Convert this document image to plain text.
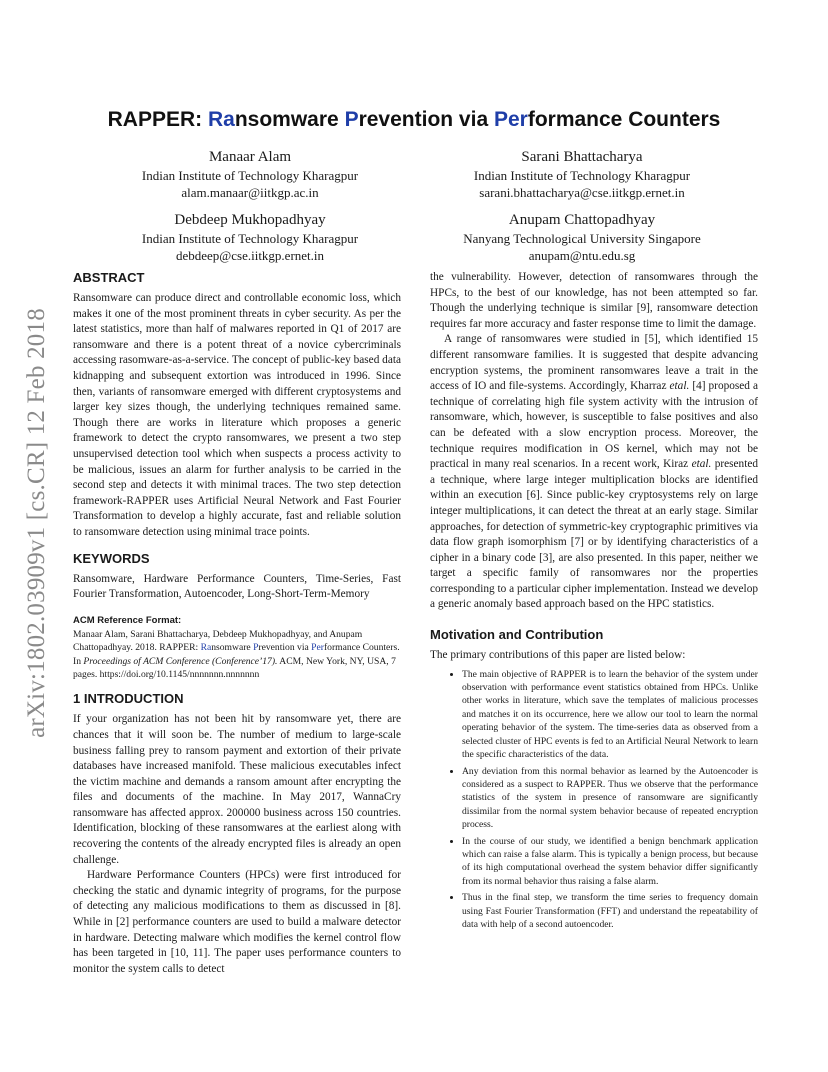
arXiv:1802.03909v1 [cs.CR] 12 Feb 2018
RAPPER: Ransomware Prevention via Performance Counters
Manaar Alam
Indian Institute of Technology Kharagpur
alam.manaar@iitkgp.ac.in
Sarani Bhattacharya
Indian Institute of Technology Kharagpur
sarani.bhattacharya@cse.iitkgp.ernet.in
Debdeep Mukhopadhyay
Indian Institute of Technology Kharagpur
debdeep@cse.iitkgp.ernet.in
Anupam Chattopadhyay
Nanyang Technological University Singapore
anupam@ntu.edu.sg
ABSTRACT

Ransomware can produce direct and controllable economic loss, which makes it one of the most prominent threats in cyber security. As per the latest statistics, more than half of malwares reported in Q1 of 2017 are ransomware and there is a potent threat of a novice cybercriminals accessing rasomware-as-a-service. The concept of public-key based data kidnapping and subsequent extortion was introduced in 1996. Since then, variants of ransomware emerged with different cryptosystems and larger key sizes though, the underlying techniques remained same. Though there are works in literature which proposes a generic framework to detect the crypto ransomwares, we present a two step unsupervised detection tool which when suspects a process activity to be malicious, issues an alarm for further analysis to be carried in the second step and detects it with minimal traces. The two step detection framework-RAPPER uses Artificial Neural Network and Fast Fourier Transformation to develop a highly accurate, fast and reliable solution to ransomware detection using minimal trace points.

KEYWORDS

Ransomware, Hardware Performance Counters, Time-Series, Fast Fourier Transformation, Autoencoder, Long-Short-Term-Memory

ACM Reference Format:

Manaar Alam, Sarani Bhattacharya, Debdeep Mukhopadhyay, and Anupam Chattopadhyay. 2018. RAPPER: Ransomware Prevention via Performance Counters. In Proceedings of ACM Conference (Conference’17). ACM, New York, NY, USA, 7 pages. https://doi.org/10.1145/nnnnnnn.nnnnnnn

1 INTRODUCTION

If your organization has not been hit by ransomware yet, there are chances that it will soon be. The number of medium to large-scale business falling prey to ransom payment and extortion of their private databases have increased manifold. These malicious executables infect the victim machine and demands a ransom amount after encrypting the files and documents of the machine. In May 2017, WannaCry ransomware has affected approx. 200000 business across 150 countries. Identification, blocking of these ransomwares at the earliest along with recovering the contents of the already encrypted files is already an open challenge.

Hardware Performance Counters (HPCs) were first introduced for checking the static and dynamic integrity of programs, for the purpose of detecting any malicious modifications to them as discussed in [8]. While in [2] performance counters are used to build a malware detector in hardware. Detecting malware which modifies the kernel control flow has been targeted in [10, 11]. The paper uses performance counters to monitor the system calls to detect

the vulnerability. However, detection of ransomwares through the HPCs, to the best of our knowledge, has not been attempted so far. Though the underlying technique is similar [9], ransomware detection requires far more accuracy and faster response time to limit the damage.

A range of ransomwares were studied in [5], which identified 15 different ransomware families. It is suggested that despite advancing encryption systems, the prominent ransomwares leave a trait in the access of IO and file-systems. Accordingly, Kharraz etal. [4] proposed a technique of correlating high file system activity with the intrusion of ransomware, which, however, is susceptible to false positives and also can be defeated with a slow encryption process. Moreover, the technique requires modification in OS kernel, which may not be practical in many real scenarios. In a recent work, Kiraz etal. presented a technique, where large integer multiplication blocks are identified within an execution [6]. Since public-key cryptosystems rely on large integer multiplications, it can detect the threat at an early stage. Similar approaches, for detection of symmetric-key cryptographic primitives via data flow graph isomorphism [7] or by identifying characteristics of a cipher in a binary code [3], are also presented. In this paper, neither we target a specific family of ransomwares nor the properties corresponding to a particular cipher implementation. Instead we develop a generic anomaly based approach based on the HPC statistics.

Motivation and Contribution

The primary contributions of this paper are listed below:

• The main objective of RAPPER is to learn the behavior of the system under observation with performance event statistics obtained from HPCs. Unlike other works in literature, which save the templates of malicious processes and matches it on its occurrence, here we allow our tool to learn the normal operating behavior of the system. The time-series data as observed from a selected cluster of HPC events is fed to an Artificial Neural Network to learn the specific characteristics of the data.
• Any deviation from this normal behavior as learned by the Autoencoder is considered as a suspect to RAPPER. Thus we observe that the performance statistics of the system in presence of ransomware are significantly dissimilar from the normal system behavior because of repeated encryption process.
• In the course of our study, we identified a benign benchmark application which can raise a false alarm. This is typically a benign process, but because of its high computational overhead the system behavior differ significantly from its normal behavior thus raising a false alarm.
• Thus in the final step, we transform the time series to frequency domain using Fast Fourier Transformation (FFT) and understand the repeatability of data with help of a second autoencoder.
